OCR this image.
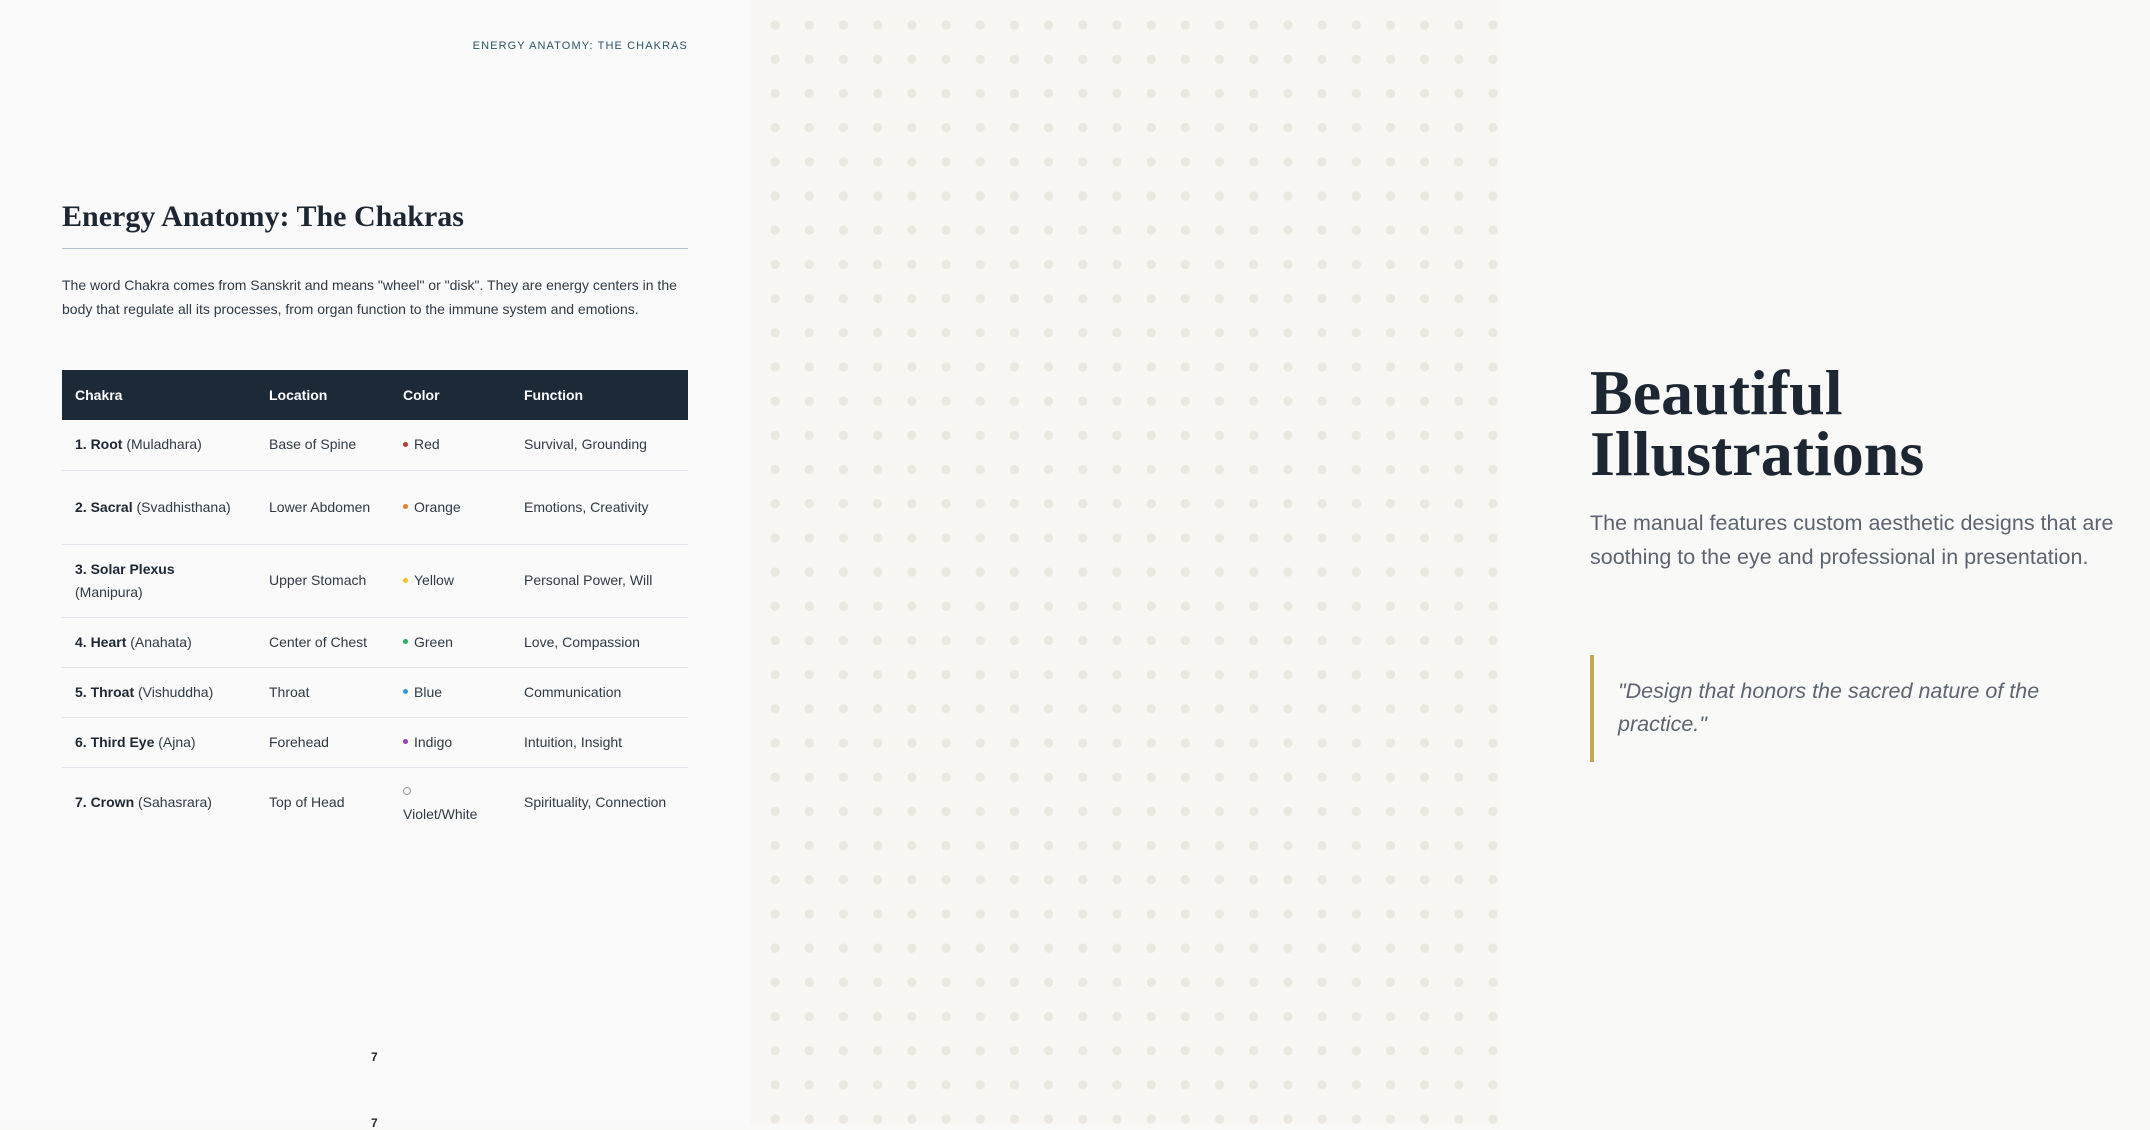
ENERGY ANATOMY: THE CHAKRAS
Energy Anatomy: The Chakras

The word Chakra comes from Sanskrit and means "wheel" or "disk". They are energy centers in the body that regulate all its processes, from organ function to the immune system and emotions.

Chakra	Location	Color	Function
1. Root (Muladhara)	Base of Spine	Red	Survival, Grounding
2. Sacral (Svadhisthana)	Lower Abdomen	Orange	Emotions, Creativity
3. Solar Plexus
(Manipura)	Upper Stomach	Yellow	Personal Power, Will
4. Heart (Anahata)	Center of Chest	Green	Love, Compassion
5. Throat (Vishuddha)	Throat	Blue	Communication
6. Third Eye (Ajna)	Forehead	Indigo	Intuition, Insight
7. Crown (Sahasrara)	Top of Head	Violet/White	Spirituality, Connection
7
7
Beautiful
Illustrations

The manual features custom aesthetic designs that are soothing to the eye and professional in presentation.

"Design that honors the sacred nature of the practice."
